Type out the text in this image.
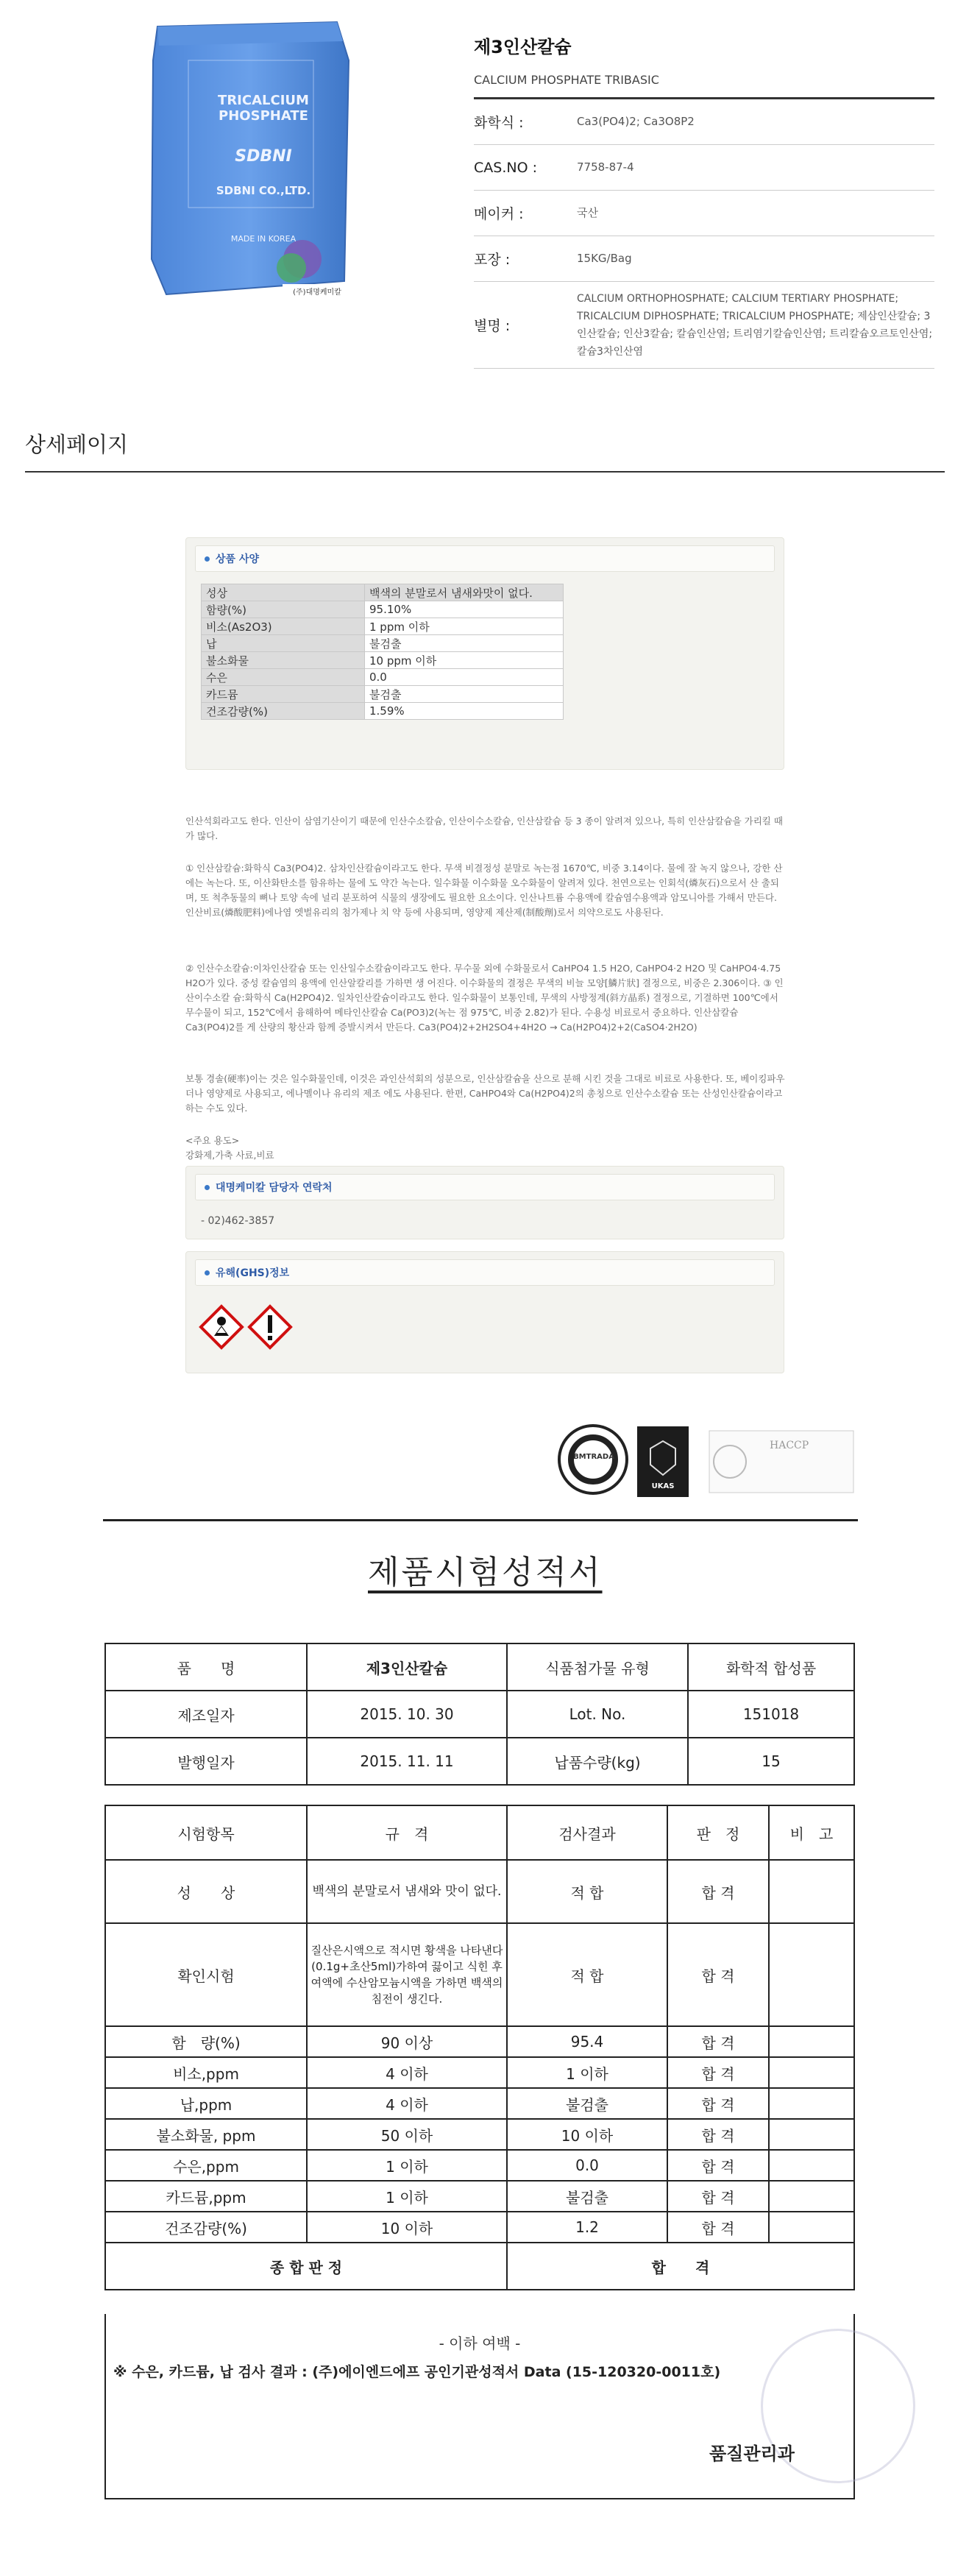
TRICALCIUM PHOSPHATE
SDBNI
SDBNI CO.,LTD.
MADE IN KOREA
(주)대명케미칼
제3인산칼슘
CALCIUM PHOSPHATE TRIBASIC
화학식 :	Ca3(PO4)2; Ca3O8P2
CAS.NO :	7758-87-4
메이커 :	국산
포장 :	15KG/Bag
별명 :
CALCIUM ORTHOPHOSPHATE; CALCIUM TERTIARY PHOSPHATE; TRICALCIUM DIPHOSPHATE; TRICALCIUM PHOSPHATE; 제삼인산칼슘; 3인산칼슘; 인산3칼슘; 칼슘인산염; 트리염기칼슘인산염; 트리칼슘오르토인산염; 칼슘3차인산염
상세페이지
상품 사양
성상	백색의 분말로서 냄새와맛이 없다.
함량(%)	95.10%
비소(As2O3)	1 ppm 이하
납	불검출
불소화물	10 ppm 이하
수은	0.0
카드뮴	불검출
건조감량(%)	1.59%
인산석회라고도 한다. 인산이 삼염기산이기 때문에 인산수소칼슘, 인산이수소칼슘, 인산삼칼슘 등 3 종이 알려져 있으나, 특히 인산삼칼슘을 가리킬 때가 많다.
① 인산삼칼슘:화학식 Ca3(PO4)2. 삼차인산칼슘이라고도 한다. 무색 비결정성 분말로 녹는점 1670℃, 비중 3.14이다. 물에 잘 녹지 않으나, 강한 산에는 녹는다. 또, 이산화탄소를 함유하는 물에 도 약간 녹는다. 일수화물 이수화물 오수화물이 알려져 있다. 천연으로는 인회석(燐灰石)으로서 산 출되며, 또 척추동물의 뼈나 토양 속에 널리 분포하여 식물의 생장에도 필요한 요소이다. 인산나트륨 수용액에 칼슘염수용액과 암모니아를 가해서 만든다. 인산비료(燐酸肥料)에나염 엣벌유리의 첨가제나 치 약 등에 사용되며, 영양제 제산제(制酸劑)로서 의약으로도 사용된다.
② 인산수소칼슘:이차인산칼슘 또는 인산일수소칼슘이라고도 한다. 무수물 외에 수화물로서 CaHPO4 1.5 H2O, CaHPO4·2 H2O 및 CaHPO4·4.75 H2O가 있다. 중성 칼슘염의 용액에 인산알칼리를 가하면 생 어진다. 이수화물의 결정은 무색의 비늘 모양[鱗片狀] 결정으로, 비중은 2.306이다. ③ 인산이수소칼 슘:화학식 Ca(H2PO4)2. 일차인산칼슘이라고도 한다. 일수화물이 보통인데, 무색의 사방정계(斜方晶系) 결정으로, 기결하면 100℃에서 무수물이 되고, 152℃에서 융해하여 메타인산칼슘 Ca(PO3)2(녹는 점 975℃, 비중 2.82)가 된다. 수용성 비료로서 중요하다. 인산삼칼슘 Ca3(PO4)2를 게 산량의 황산과 함께 증발시켜서 만든다. Ca3(PO4)2+2H2SO4+4H2O → Ca(H2PO4)2+2(CaSO4·2H2O)
보통 경솔(硬率)이는 것은 일수화물인데, 이것은 과인산석회의 성분으로, 인산삼칼슘을 산으로 분해 시킨 것을 그대로 비료로 사용한다. 또, 베이킹파우더나 영양제로 사용되고, 에나멜이나 유리의 제조 에도 사용된다. 한편, CaHPO4와 Ca(H2PO4)2의 총칭으로 인산수소칼슘 또는 산성인산칼슘이라고 하는 수도 있다.
<주요 용도>
강화제,가축 사료,비료
대명케미칼 담당자 연락처
- 02)462-3857
유해(GHS)정보
BMTRADA
UKAS
HACCP
제품시험성적서
품　　명	제3인산칼슘	식품첨가물 유형	화학적 합성품
제조일자	2015. 10. 30	Lot. No.	151018
발행일자	2015. 11. 11	납품수량(kg)	15
시험항목	규　격	검사결과	판　정	비　고
성　　상	백색의 분말로서 냄새와 맛이 없다.	적 합	합 격	
확인시험	질산은시액으로 적시면 황색을 나타낸다 (0.1g+초산5ml)가하여 끓이고 식힌 후 여액에 수산암모늄시액을 가하면 백색의 침전이 생긴다.	적 합	합 격	
함　량(%)	90 이상	95.4	합 격	
비소,ppm	4 이하	1 이하	합 격	
납,ppm	4 이하	불검출	합 격	
불소화물, ppm	50 이하	10 이하	합 격	
수은,ppm	1 이하	0.0	합 격	
카드뮴,ppm	1 이하	불검출	합 격	
건조감량(%)	10 이하	1.2	합 격	
종 합 판 정		합　　격		
- 이하 여백 -
※ 수은, 카드뮴, 납 검사 결과 : (주)에이엔드에프 공인기관성적서 Data (15-120320-0011호)
품질관리과
